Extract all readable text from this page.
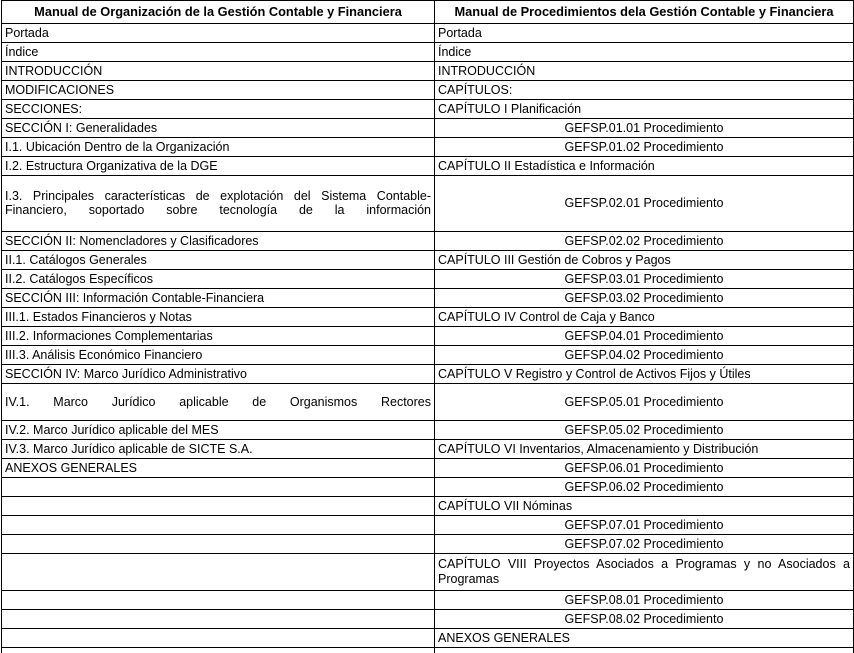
Manual de Organización de la Gestión Contable y Financiera	Manual de Procedimientos dela Gestión Contable y Financiera
Portada	Portada
Índice	Índice
INTRODUCCIÓN	INTRODUCCIÓN
MODIFICACIONES	CAPÍTULOS:
SECCIONES:	CAPÍTULO I Planificación
SECCIÓN I: Generalidades	GEFSP.01.01 Procedimiento
I.1. Ubicación Dentro de la Organización	GEFSP.01.02 Procedimiento
I.2. Estructura Organizativa de la DGE	CAPÍTULO II Estadística e Información
I.3. Principales características de explotación del Sistema Contable-Financiero, soportado sobre tecnología de la información	GEFSP.02.01 Procedimiento
SECCIÓN II: Nomencladores y Clasificadores	GEFSP.02.02 Procedimiento
II.1. Catálogos Generales	CAPÍTULO III Gestión de Cobros y Pagos
II.2. Catálogos Específicos	GEFSP.03.01 Procedimiento
SECCIÓN III: Información Contable-Financiera	GEFSP.03.02 Procedimiento
III.1. Estados Financieros y Notas	CAPÍTULO IV Control de Caja y Banco
III.2. Informaciones Complementarias	GEFSP.04.01 Procedimiento
III.3. Análisis Económico Financiero	GEFSP.04.02 Procedimiento
SECCIÓN IV: Marco Jurídico Administrativo	CAPÍTULO V Registro y Control de Activos Fijos y Útiles
IV.1. Marco Jurídico aplicable de Organismos Rectores	GEFSP.05.01 Procedimiento
IV.2. Marco Jurídico aplicable del MES	GEFSP.05.02 Procedimiento
IV.3. Marco Jurídico aplicable de SICTE S.A.	CAPÍTULO VI Inventarios, Almacenamiento y Distribución
ANEXOS GENERALES	GEFSP.06.01 Procedimiento
	GEFSP.06.02 Procedimiento
	CAPÍTULO VII Nóminas
	GEFSP.07.01 Procedimiento
	GEFSP.07.02 Procedimiento
	CAPÍTULO VIII Proyectos Asociados a Programas y no Asociados a Programas
	GEFSP.08.01 Procedimiento
	GEFSP.08.02 Procedimiento
	ANEXOS GENERALES
